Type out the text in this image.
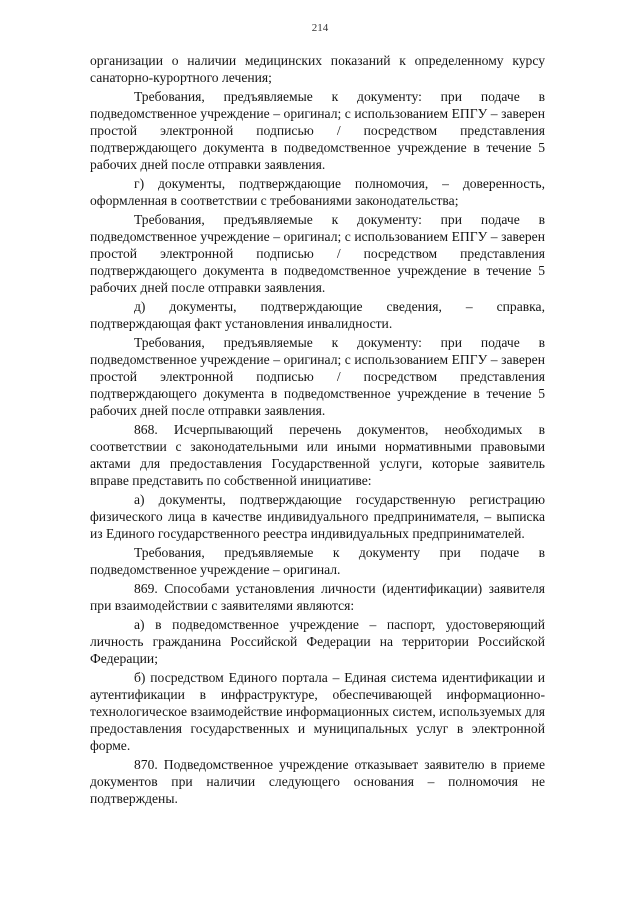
214

организации о наличии медицинских показаний к определенному курсу санаторно-курортного лечения;

Требования, предъявляемые к документу: при подаче в подведомственное учреждение – оригинал; с использованием ЕПГУ – заверен простой электронной подписью / посредством представления подтверждающего документа в подведомственное учреждение в течение 5 рабочих дней после отправки заявления.

г) документы, подтверждающие полномочия, – доверенность, оформленная в соответствии с требованиями законодательства;

Требования, предъявляемые к документу: при подаче в подведомственное учреждение – оригинал; с использованием ЕПГУ – заверен простой электронной подписью / посредством представления подтверждающего документа в подведомственное учреждение в течение 5 рабочих дней после отправки заявления.

д) документы, подтверждающие сведения, – справка, подтверждающая факт установления инвалидности.

Требования, предъявляемые к документу: при подаче в подведомственное учреждение – оригинал; с использованием ЕПГУ – заверен простой электронной подписью / посредством представления подтверждающего документа в подведомственное учреждение в течение 5 рабочих дней после отправки заявления.

868. Исчерпывающий перечень документов, необходимых в соответствии с законодательными или иными нормативными правовыми актами для предоставления Государственной услуги, которые заявитель вправе представить по собственной инициативе:

а) документы, подтверждающие государственную регистрацию физического лица в качестве индивидуального предпринимателя, – выписка из Единого государственного реестра индивидуальных предпринимателей.

Требования, предъявляемые к документу при подаче в подведомственное учреждение – оригинал.

869. Способами установления личности (идентификации) заявителя при взаимодействии с заявителями являются:

а) в подведомственное учреждение – паспорт, удостоверяющий личность гражданина Российской Федерации на территории Российской Федерации;

б) посредством Единого портала – Единая система идентификации и аутентификации в инфраструктуре, обеспечивающей информационно-технологическое взаимодействие информационных систем, используемых для предоставления государственных и муниципальных услуг в электронной форме.

870. Подведомственное учреждение отказывает заявителю в приеме документов при наличии следующего основания – полномочия не подтверждены.
